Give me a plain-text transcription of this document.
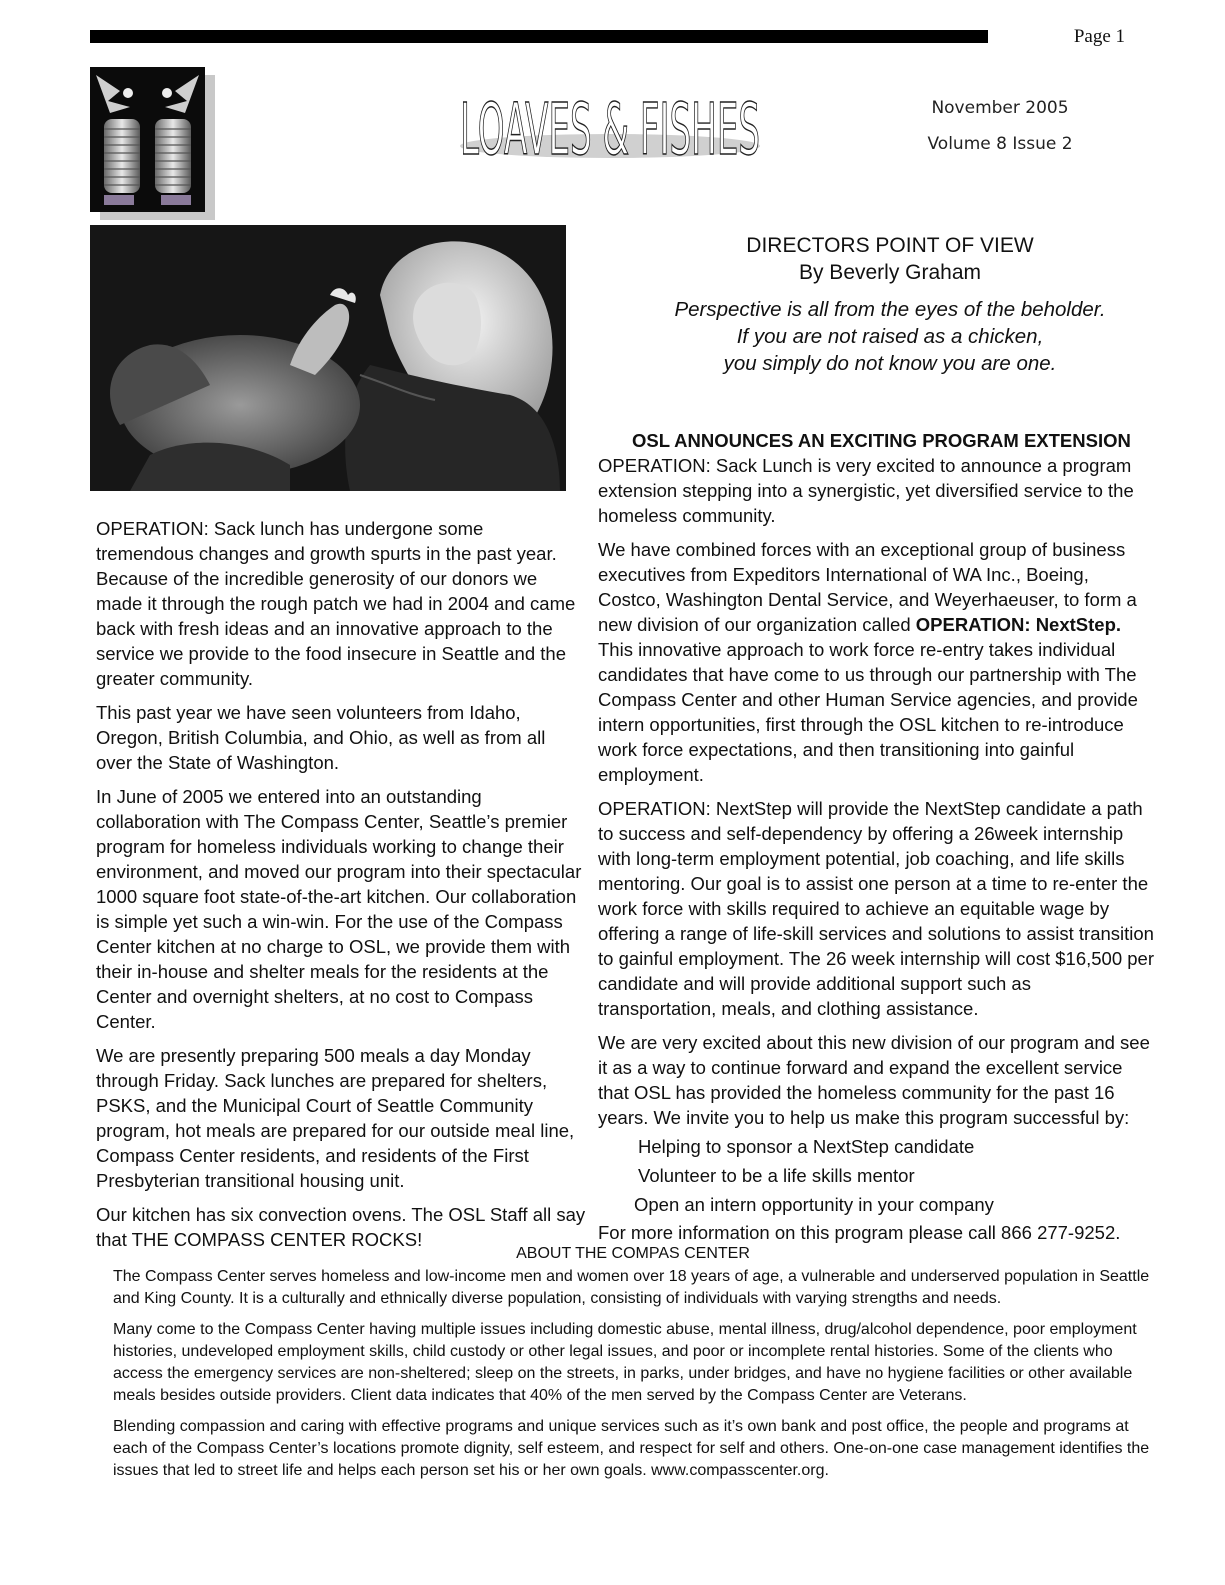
Page 1
LOAVES & FISHES	November 2005
Volume 8 Issue 2

OPERATION: Sack lunch has undergone some tremendous changes and growth spurts in the past year. Because of the incredible generosity of our donors we made it through the rough patch we had in 2004 and came back with fresh ideas and an innovative approach to the service we provide to the food insecure in Seattle and the greater community.

This past year we have seen volunteers from Idaho, Oregon, British Columbia, and Ohio, as well as from all over the State of Washington.

In June of 2005 we entered into an outstanding collaboration with The Compass Center, Seattle’s premier program for homeless individuals working to change their environment, and moved our program into their spectacular 1000 square foot state-of-the-art kitchen. Our collaboration is simple yet such a win-win. For the use of the Compass Center kitchen at no charge to OSL, we provide them with their in-house and shelter meals for the residents at the Center and overnight shelters, at no cost to Compass Center.

We are presently preparing 500 meals a day Monday through Friday. Sack lunches are prepared for shelters, PSKS, and the Municipal Court of Seattle Community program, hot meals are prepared for our outside meal line, Compass Center residents, and residents of the First Presbyterian transitional housing unit.

Our kitchen has six convection ovens. The OSL Staff all say that THE COMPASS CENTER ROCKS!

DIRECTORS POINT OF VIEW
By Beverly Graham
Perspective is all from the eyes of the beholder.
If you are not raised as a chicken,
you simply do not know you are one.
OSL ANNOUNCES AN EXCITING PROGRAM EXTENSION

OPERATION: Sack Lunch is very excited to announce a program extension stepping into a synergistic, yet diversified service to the homeless community.

We have combined forces with an exceptional group of business executives from Expeditors International of WA Inc., Boeing, Costco, Washington Dental Service, and Weyerhaeuser, to form a new division of our organization called OPERATION: NextStep. This innovative approach to work force re-entry takes individual candidates that have come to us through our partnership with The Compass Center and other Human Service agencies, and provide intern opportunities, first through the OSL kitchen to re-introduce work force expectations, and then transitioning into gainful employment.

OPERATION: NextStep will provide the NextStep candidate a path to success and self-dependency by offering a 26week internship with long-term employment potential, job coaching, and life skills mentoring. Our goal is to assist one person at a time to re-enter the work force with skills required to achieve an equitable wage by offering a range of life-skill services and solutions to assist transition to gainful employment. The 26 week internship will cost $16,500 per candidate and will provide additional support such as transportation, meals, and clothing assistance.

We are very excited about this new division of our program and see it as a way to continue forward and expand the excellent service that OSL has provided the homeless community for the past 16 years. We invite you to help us make this program successful by:

Helping to sponsor a NextStep candidate
Volunteer to be a life skills mentor
Open an intern opportunity in your company
For more information on this program please call 866 277-9252.
ABOUT THE COMPAS CENTER

The Compass Center serves homeless and low-income men and women over 18 years of age, a vulnerable and underserved population in Seattle and King County. It is a culturally and ethnically diverse population, consisting of individuals with varying strengths and needs.

Many come to the Compass Center having multiple issues including domestic abuse, mental illness, drug/alcohol dependence, poor employment histories, undeveloped employment skills, child custody or other legal issues, and poor or incomplete rental histories. Some of the clients who access the emergency services are non-sheltered; sleep on the streets, in parks, under bridges, and have no hygiene facilities or other available meals besides outside providers. Client data indicates that 40% of the men served by the Compass Center are Veterans.

Blending compassion and caring with effective programs and unique services such as it’s own bank and post office, the people and programs at each of the Compass Center’s locations promote dignity, self esteem, and respect for self and others. One-on-one case management identifies the issues that led to street life and helps each person set his or her own goals. www.compasscenter.org.
